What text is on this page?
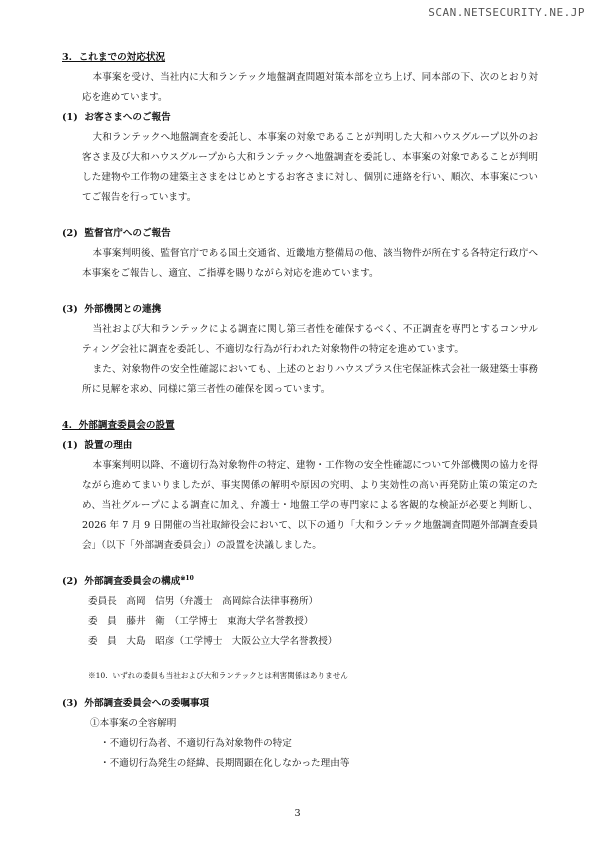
SCAN.NETSECURITY.NE.JP
3.  これまでの対応状況
本事案を受け、当社内に大和ランテック地盤調査問題対策本部を立ち上げ、同本部の下、次のとおり対応を進めています。
(1)  お客さまへのご報告
大和ランテックへ地盤調査を委託し、本事案の対象であることが判明した大和ハウスグループ以外のお客さま及び大和ハウスグループから大和ランテックへ地盤調査を委託し、本事案の対象であることが判明した建物や工作物の建築主さまをはじめとするお客さまに対し、個別に連絡を行い、順次、本事案についてご報告を行っています。
(2)  監督官庁へのご報告
本事案判明後、監督官庁である国土交通省、近畿地方整備局の他、該当物件が所在する各特定行政庁へ本事案をご報告し、適宜、ご指導を賜りながら対応を進めています。
(3)  外部機関との連携
当社および大和ランテックによる調査に関し第三者性を確保するべく、不正調査を専門とするコンサルティング会社に調査を委託し、不適切な行為が行われた対象物件の特定を進めています。
また、対象物件の安全性確認においても、上述のとおりハウスプラス住宅保証株式会社一級建築士事務所に見解を求め、同様に第三者性の確保を図っています。
4.  外部調査委員会の設置
(1)  設置の理由
本事案判明以降、不適切行為対象物件の特定、建物・工作物の安全性確認について外部機関の協力を得ながら進めてまいりましたが、事実関係の解明や原因の究明、より実効性の高い再発防止策の策定のため、当社グループによる調査に加え、弁護士・地盤工学の専門家による客観的な検証が必要と判断し、2026 年 7 月 9 日開催の当社取締役会において、以下の通り「大和ランテック地盤調査問題外部調査委員会」（以下「外部調査委員会」）の設置を決議しました。
(2)  外部調査委員会の構成$^{※10}$
委員長　高岡　信男（弁護士　高岡綜合法律事務所）
委　員　藤井　衛　（工学博士　東海大学名誉教授）
委　員　大島　昭彦（工学博士　大阪公立大学名誉教授）
※10.  いずれの委員も当社および大和ランテックとは利害関係はありません
(3)  外部調査委員会への委嘱事項
①本事案の全容解明
・不適切行為者、不適切行為対象物件の特定
・不適切行為発生の経緯、長期間顕在化しなかった理由等
3
